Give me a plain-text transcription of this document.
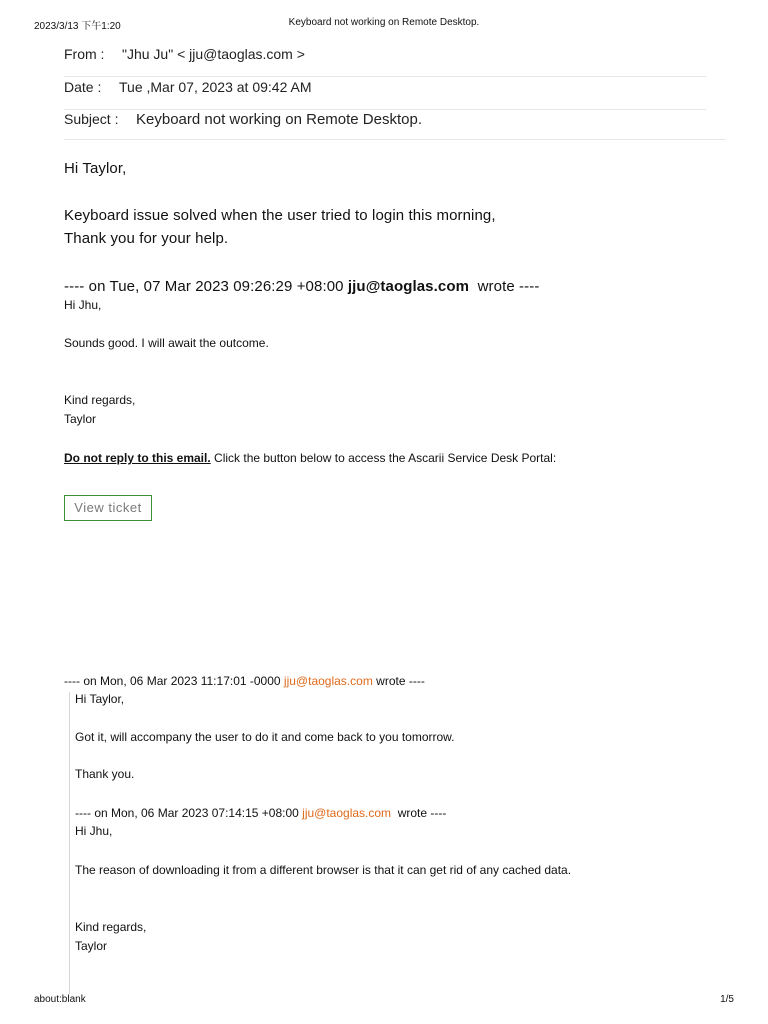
2023/3/13 下午1:20	Keyboard not working on Remote Desktop.
From : "Jhu Ju" < jju@taoglas.com >
Date : Tue ,Mar 07, 2023 at 09:42 AM
Subject : Keyboard not working on Remote Desktop.
Hi Taylor,
Keyboard issue solved when the user tried to login this morning,
Thank you for your help.
---- on Tue, 07 Mar 2023 09:26:29 +08:00 jju@taoglas.com wrote ----
Hi Jhu,
Sounds good. I will await the outcome.
Kind regards,
Taylor
Do not reply to this email. Click the button below to access the Ascarii Service Desk Portal:
View ticket
---- on Mon, 06 Mar 2023 11:17:01 -0000 jju@taoglas.com wrote ----
Hi Taylor,
Got it, will accompany the user to do it and come back to you tomorrow.
Thank you.
---- on Mon, 06 Mar 2023 07:14:15 +08:00 jju@taoglas.com wrote ----
Hi Jhu,
The reason of downloading it from a different browser is that it can get rid of any cached data.
Kind regards,
Taylor
about:blank	1/5
